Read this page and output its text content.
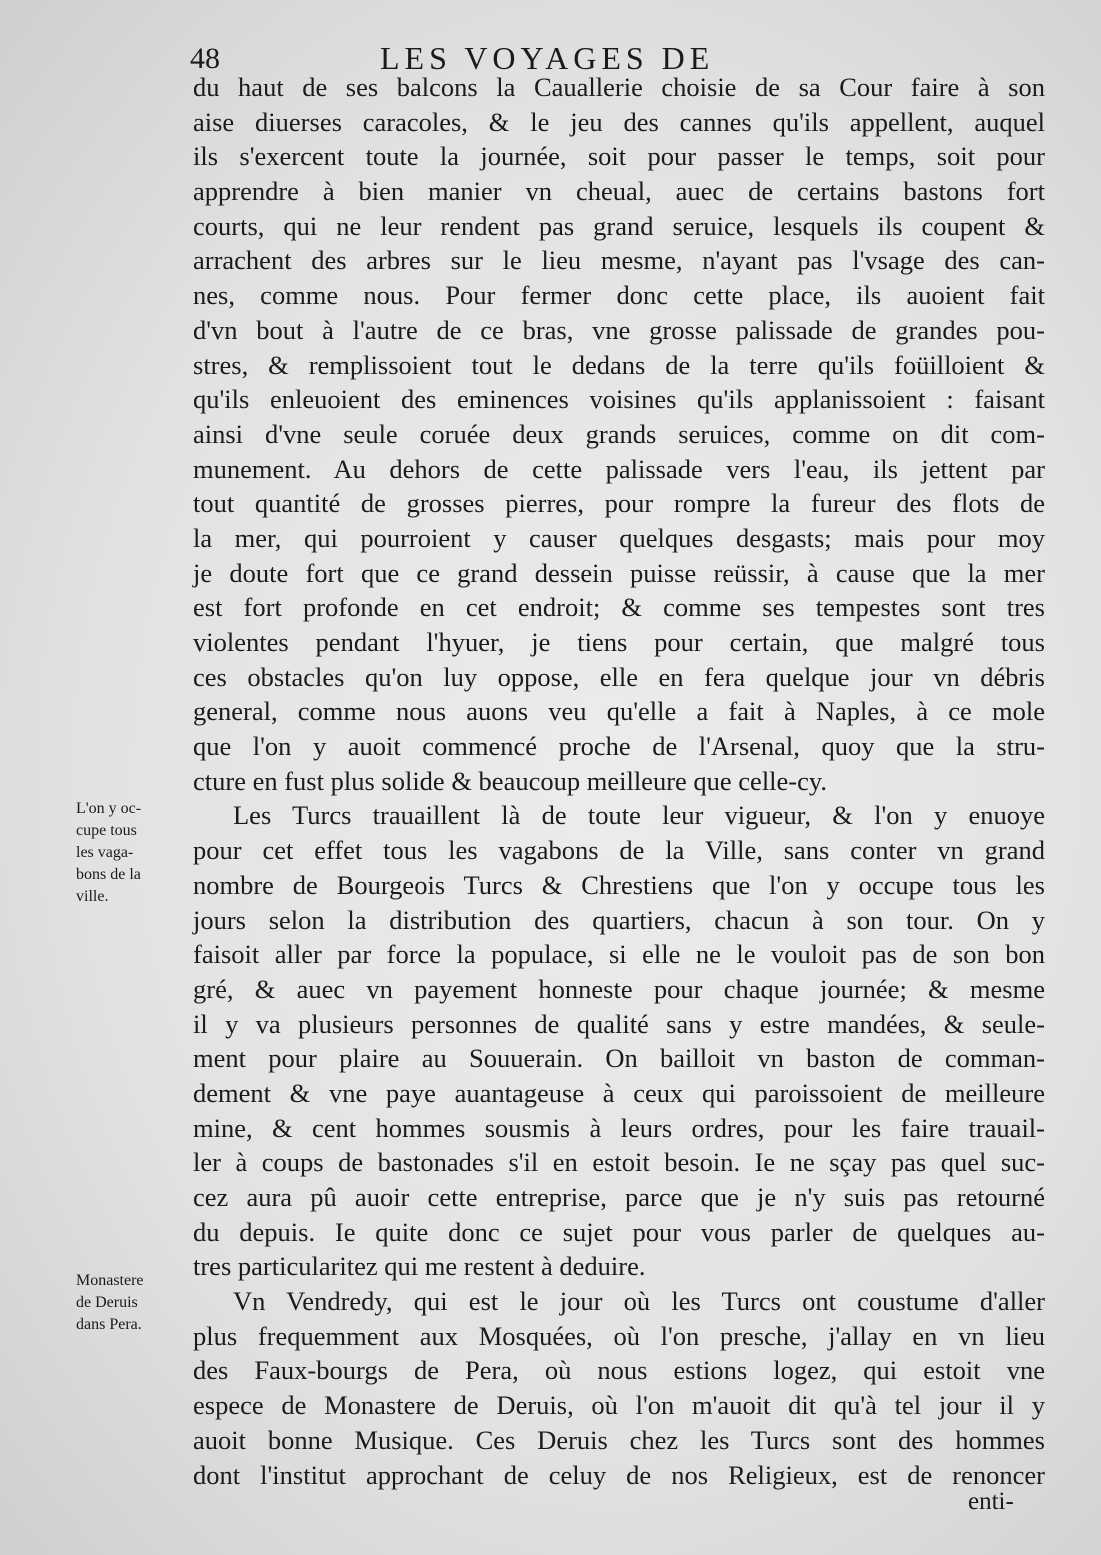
48	LES VOYAGES DE
du haut de ses balcons la Cauallerie choisie de sa Cour faire à son
aise diuerses caracoles, & le jeu des cannes qu'ils appellent, auquel
ils s'exercent toute la journée, soit pour passer le temps, soit pour
apprendre à bien manier vn cheual, auec de certains bastons fort
courts, qui ne leur rendent pas grand seruice, lesquels ils coupent &
arrachent des arbres sur le lieu mesme, n'ayant pas l'vsage des can-
nes, comme nous. Pour fermer donc cette place, ils auoient fait
d'vn bout à l'autre de ce bras, vne grosse palissade de grandes pou-
stres, & remplissoient tout le dedans de la terre qu'ils foüilloient &
qu'ils enleuoient des eminences voisines qu'ils applanissoient : faisant
ainsi d'vne seule coruée deux grands seruices, comme on dit com-
munement. Au dehors de cette palissade vers l'eau, ils jettent par
tout quantité de grosses pierres, pour rompre la fureur des flots de
la mer, qui pourroient y causer quelques desgasts; mais pour moy
je doute fort que ce grand dessein puisse reüssir, à cause que la mer
est fort profonde en cet endroit; & comme ses tempestes sont tres
violentes pendant l'hyuer, je tiens pour certain, que malgré tous
ces obstacles qu'on luy oppose, elle en fera quelque jour vn débris
general, comme nous auons veu qu'elle a fait à Naples, à ce mole
que l'on y auoit commencé proche de l'Arsenal, quoy que la stru-
cture en fust plus solide & beaucoup meilleure que celle-cy.
Les Turcs trauaillent là de toute leur vigueur, & l'on y enuoye
pour cet effet tous les vagabons de la Ville, sans conter vn grand
nombre de Bourgeois Turcs & Chrestiens que l'on y occupe tous les
jours selon la distribution des quartiers, chacun à son tour. On y
faisoit aller par force la populace, si elle ne le vouloit pas de son bon
gré, & auec vn payement honneste pour chaque journée; & mesme
il y va plusieurs personnes de qualité sans y estre mandées, & seule-
ment pour plaire au Souuerain. On bailloit vn baston de comman-
dement & vne paye auantageuse à ceux qui paroissoient de meilleure
mine, & cent hommes sousmis à leurs ordres, pour les faire trauail-
ler à coups de bastonades s'il en estoit besoin. Ie ne sçay pas quel suc-
cez aura pû auoir cette entreprise, parce que je n'y suis pas retourné
du depuis. Ie quite donc ce sujet pour vous parler de quelques au-
tres particularitez qui me restent à deduire.
Vn Vendredy, qui est le jour où les Turcs ont coustume d'aller
plus frequemment aux Mosquées, où l'on presche, j'allay en vn lieu
des Faux-bourgs de Pera, où nous estions logez, qui estoit vne
espece de Monastere de Deruis, où l'on m'auoit dit qu'à tel jour il y
auoit bonne Musique. Ces Deruis chez les Turcs sont des hommes
dont l'institut approchant de celuy de nos Religieux, est de renoncer
L'on y oc-
cupe tous
les vaga-
bons de la
ville.
Monastere
de Deruis
dans Pera.
enti-
